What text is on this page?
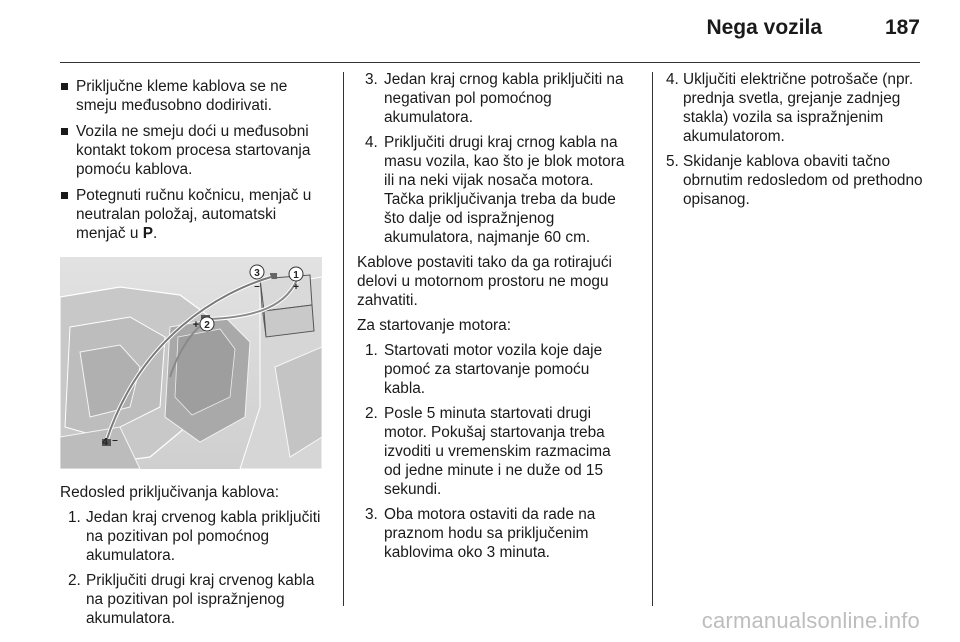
Nega vozila	187
Priključne kleme kablova se ne smeju međusobno dodirivati.
Vozila ne smeju doći u međusobni kontakt tokom procesa startovanja pomoću kablova.
Potegnuti ručnu kočnicu, menjač u neutralan položaj, automatski menjač u P.
1
3
–	+
2
+
4 –
Redosled priključivanja kablova:
1. Jedan kraj crvenog kabla priključiti na pozitivan pol pomoćnog akumulatora.
2. Priključiti drugi kraj crvenog kabla na pozitivan pol ispražnjenog akumulatora.
3. Jedan kraj crnog kabla priključiti na negativan pol pomoćnog akumulatora.
4. Priključiti drugi kraj crnog kabla na masu vozila, kao što je blok motora ili na neki vijak nosača motora. Tačka priključivanja treba da bude što dalje od ispražnjenog akumulatora, najmanje 60 cm.
Kablove postaviti tako da ga rotirajući delovi u motornom prostoru ne mogu zahvatiti.
Za startovanje motora:
1. Startovati motor vozila koje daje pomoć za startovanje pomoću kabla.
2. Posle 5 minuta startovati drugi motor. Pokušaj startovanja treba izvoditi u vremenskim razmacima od jedne minute i ne duže od 15 sekundi.
3. Oba motora ostaviti da rade na praznom hodu sa priključenim kablovima oko 3 minuta.
4. Uključiti električne potrošače (npr. prednja svetla, grejanje zadnjeg stakla) vozila sa ispražnjenim akumulatorom.
5. Skidanje kablova obaviti tačno obrnutim redosledom od prethodno opisanog.
carmanualsonline.info
